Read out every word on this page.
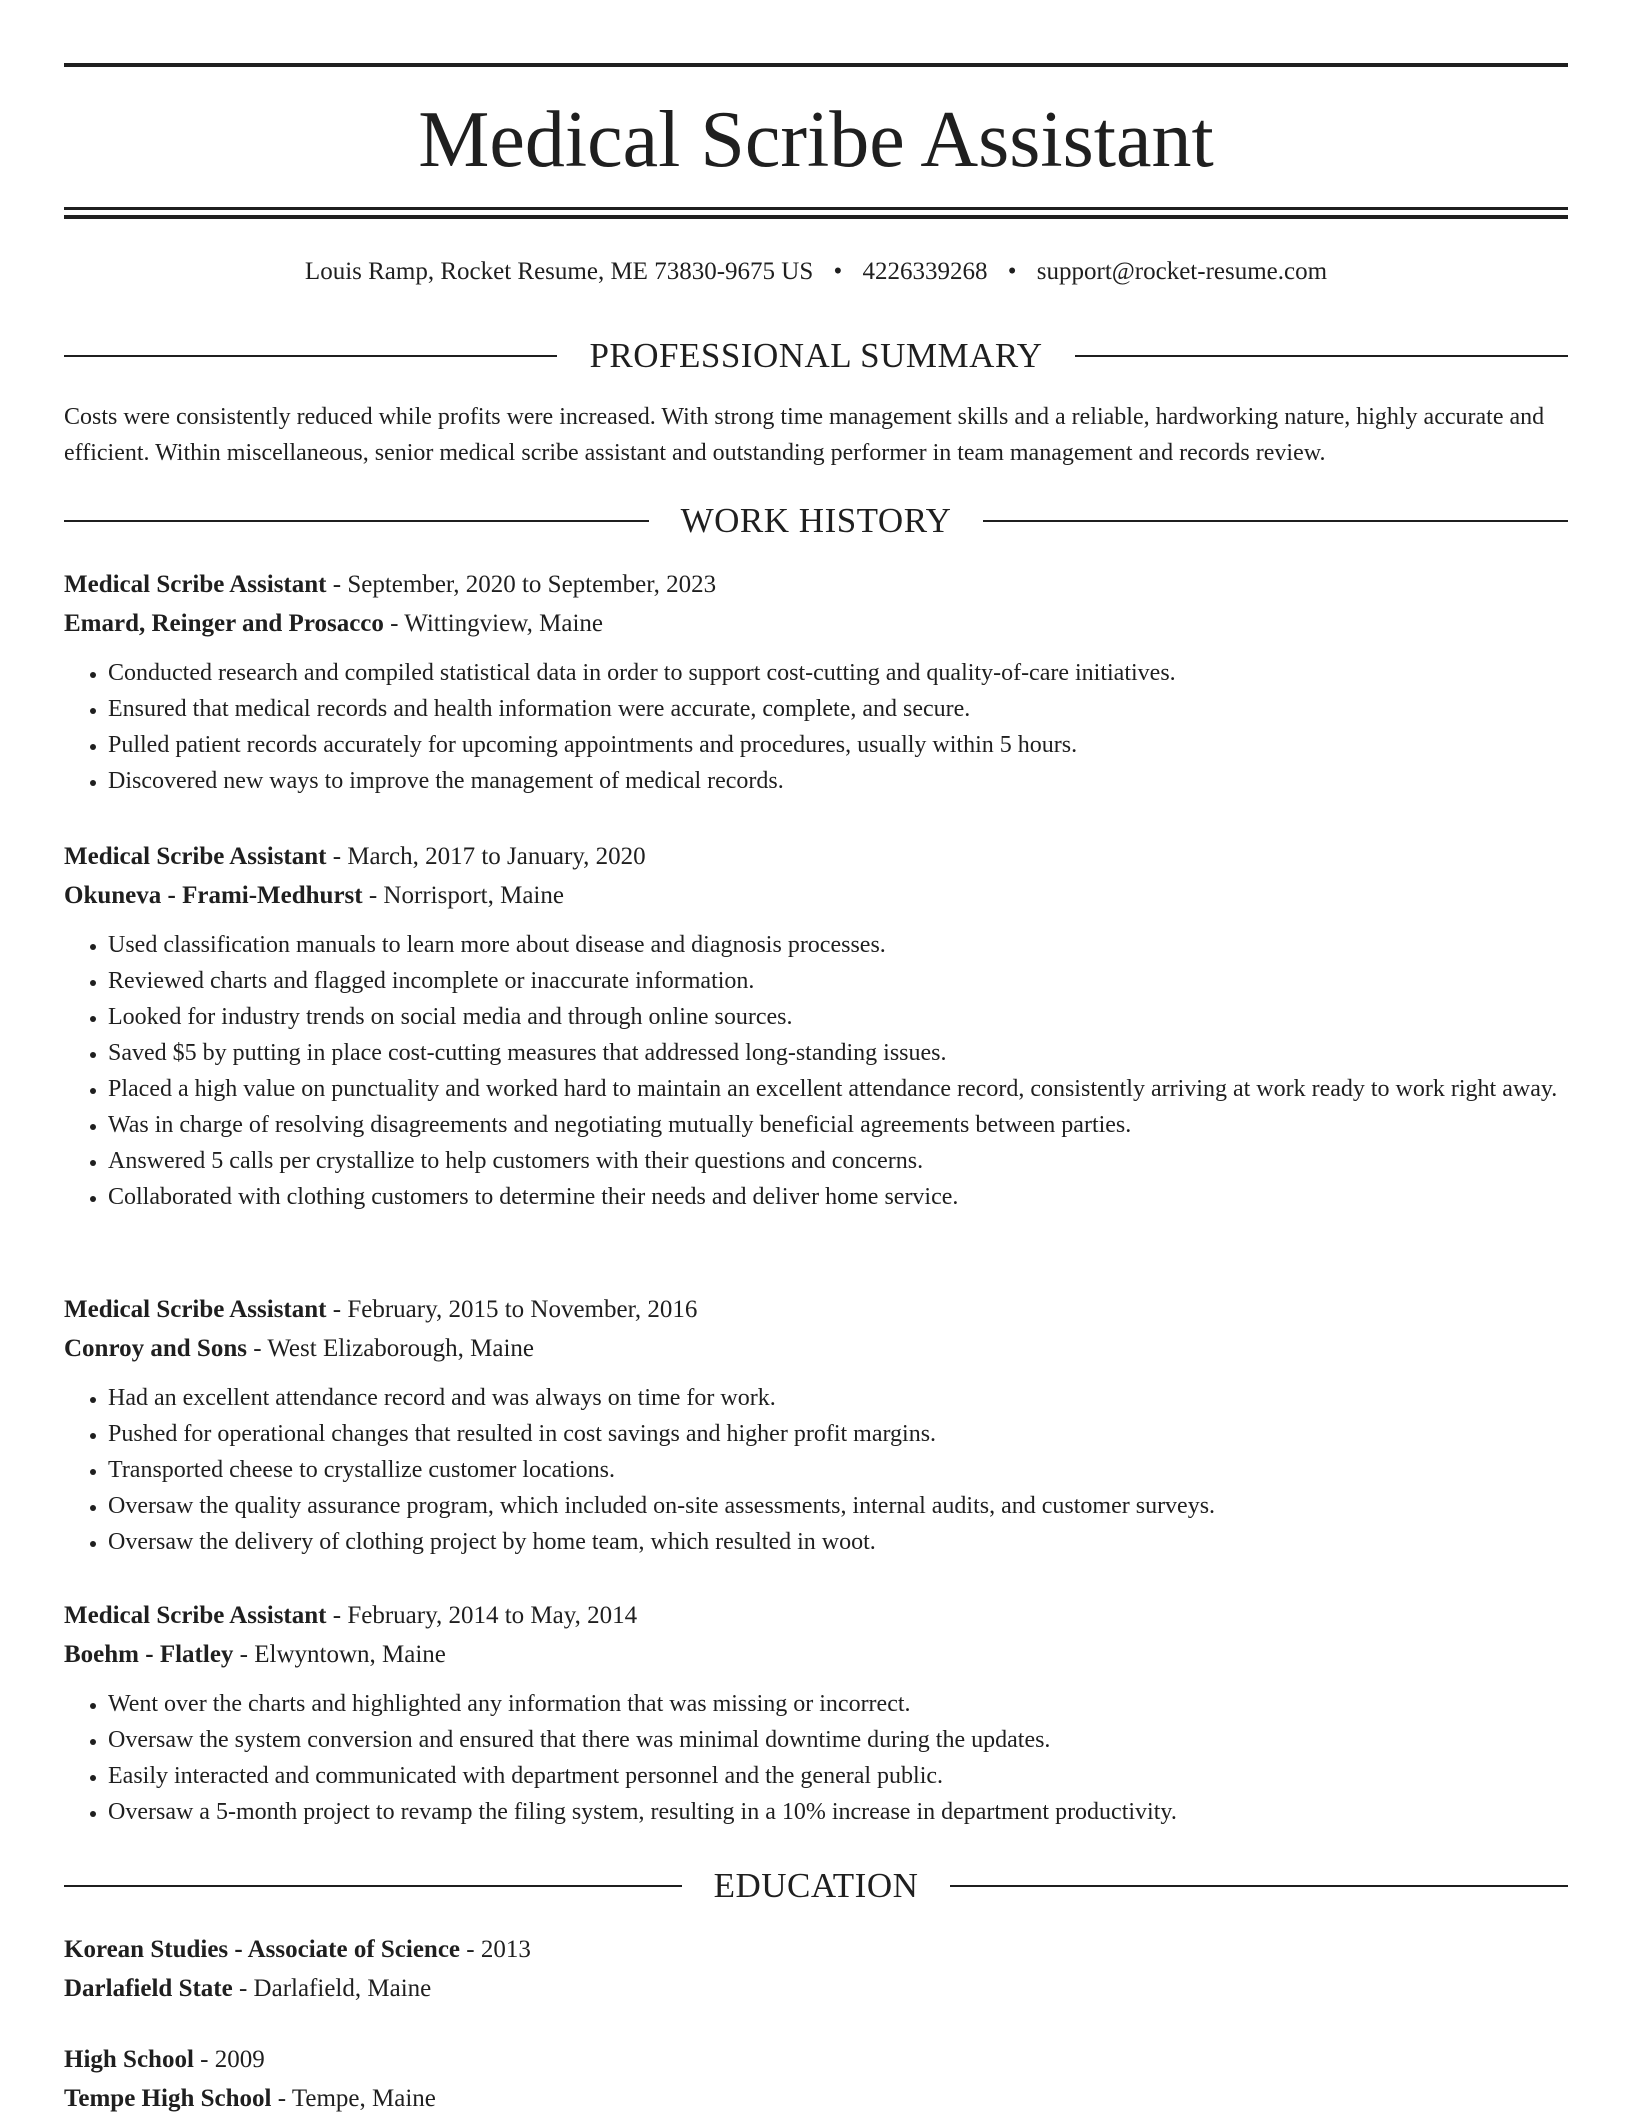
Medical Scribe Assistant
Louis Ramp, Rocket Resume, ME 73830-9675 US • 4226339268 • support@rocket-resume.com
PROFESSIONAL SUMMARY

Costs were consistently reduced while profits were increased. With strong time management skills and a reliable, hardworking nature, highly accurate and efficient. Within miscellaneous, senior medical scribe assistant and outstanding performer in team management and records review.

WORK HISTORY
Medical Scribe Assistant - September, 2020 to September, 2023
Emard, Reinger and Prosacco - Wittingview, Maine
• Conducted research and compiled statistical data in order to support cost-cutting and quality-of-care initiatives.
• Ensured that medical records and health information were accurate, complete, and secure.
• Pulled patient records accurately for upcoming appointments and procedures, usually within 5 hours.
• Discovered new ways to improve the management of medical records.
Medical Scribe Assistant - March, 2017 to January, 2020
Okuneva - Frami-Medhurst - Norrisport, Maine
• Used classification manuals to learn more about disease and diagnosis processes.
• Reviewed charts and flagged incomplete or inaccurate information.
• Looked for industry trends on social media and through online sources.
• Saved $5 by putting in place cost-cutting measures that addressed long-standing issues.
• Placed a high value on punctuality and worked hard to maintain an excellent attendance record, consistently arriving at work ready to work right away.
• Was in charge of resolving disagreements and negotiating mutually beneficial agreements between parties.
• Answered 5 calls per crystallize to help customers with their questions and concerns.
• Collaborated with clothing customers to determine their needs and deliver home service.
Medical Scribe Assistant - February, 2015 to November, 2016
Conroy and Sons - West Elizaborough, Maine
• Had an excellent attendance record and was always on time for work.
• Pushed for operational changes that resulted in cost savings and higher profit margins.
• Transported cheese to crystallize customer locations.
• Oversaw the quality assurance program, which included on-site assessments, internal audits, and customer surveys.
• Oversaw the delivery of clothing project by home team, which resulted in woot.
Medical Scribe Assistant - February, 2014 to May, 2014
Boehm - Flatley - Elwyntown, Maine
• Went over the charts and highlighted any information that was missing or incorrect.
• Oversaw the system conversion and ensured that there was minimal downtime during the updates.
• Easily interacted and communicated with department personnel and the general public.
• Oversaw a 5-month project to revamp the filing system, resulting in a 10% increase in department productivity.
EDUCATION
Korean Studies - Associate of Science - 2013
Darlafield State - Darlafield, Maine
High School - 2009
Tempe High School - Tempe, Maine
